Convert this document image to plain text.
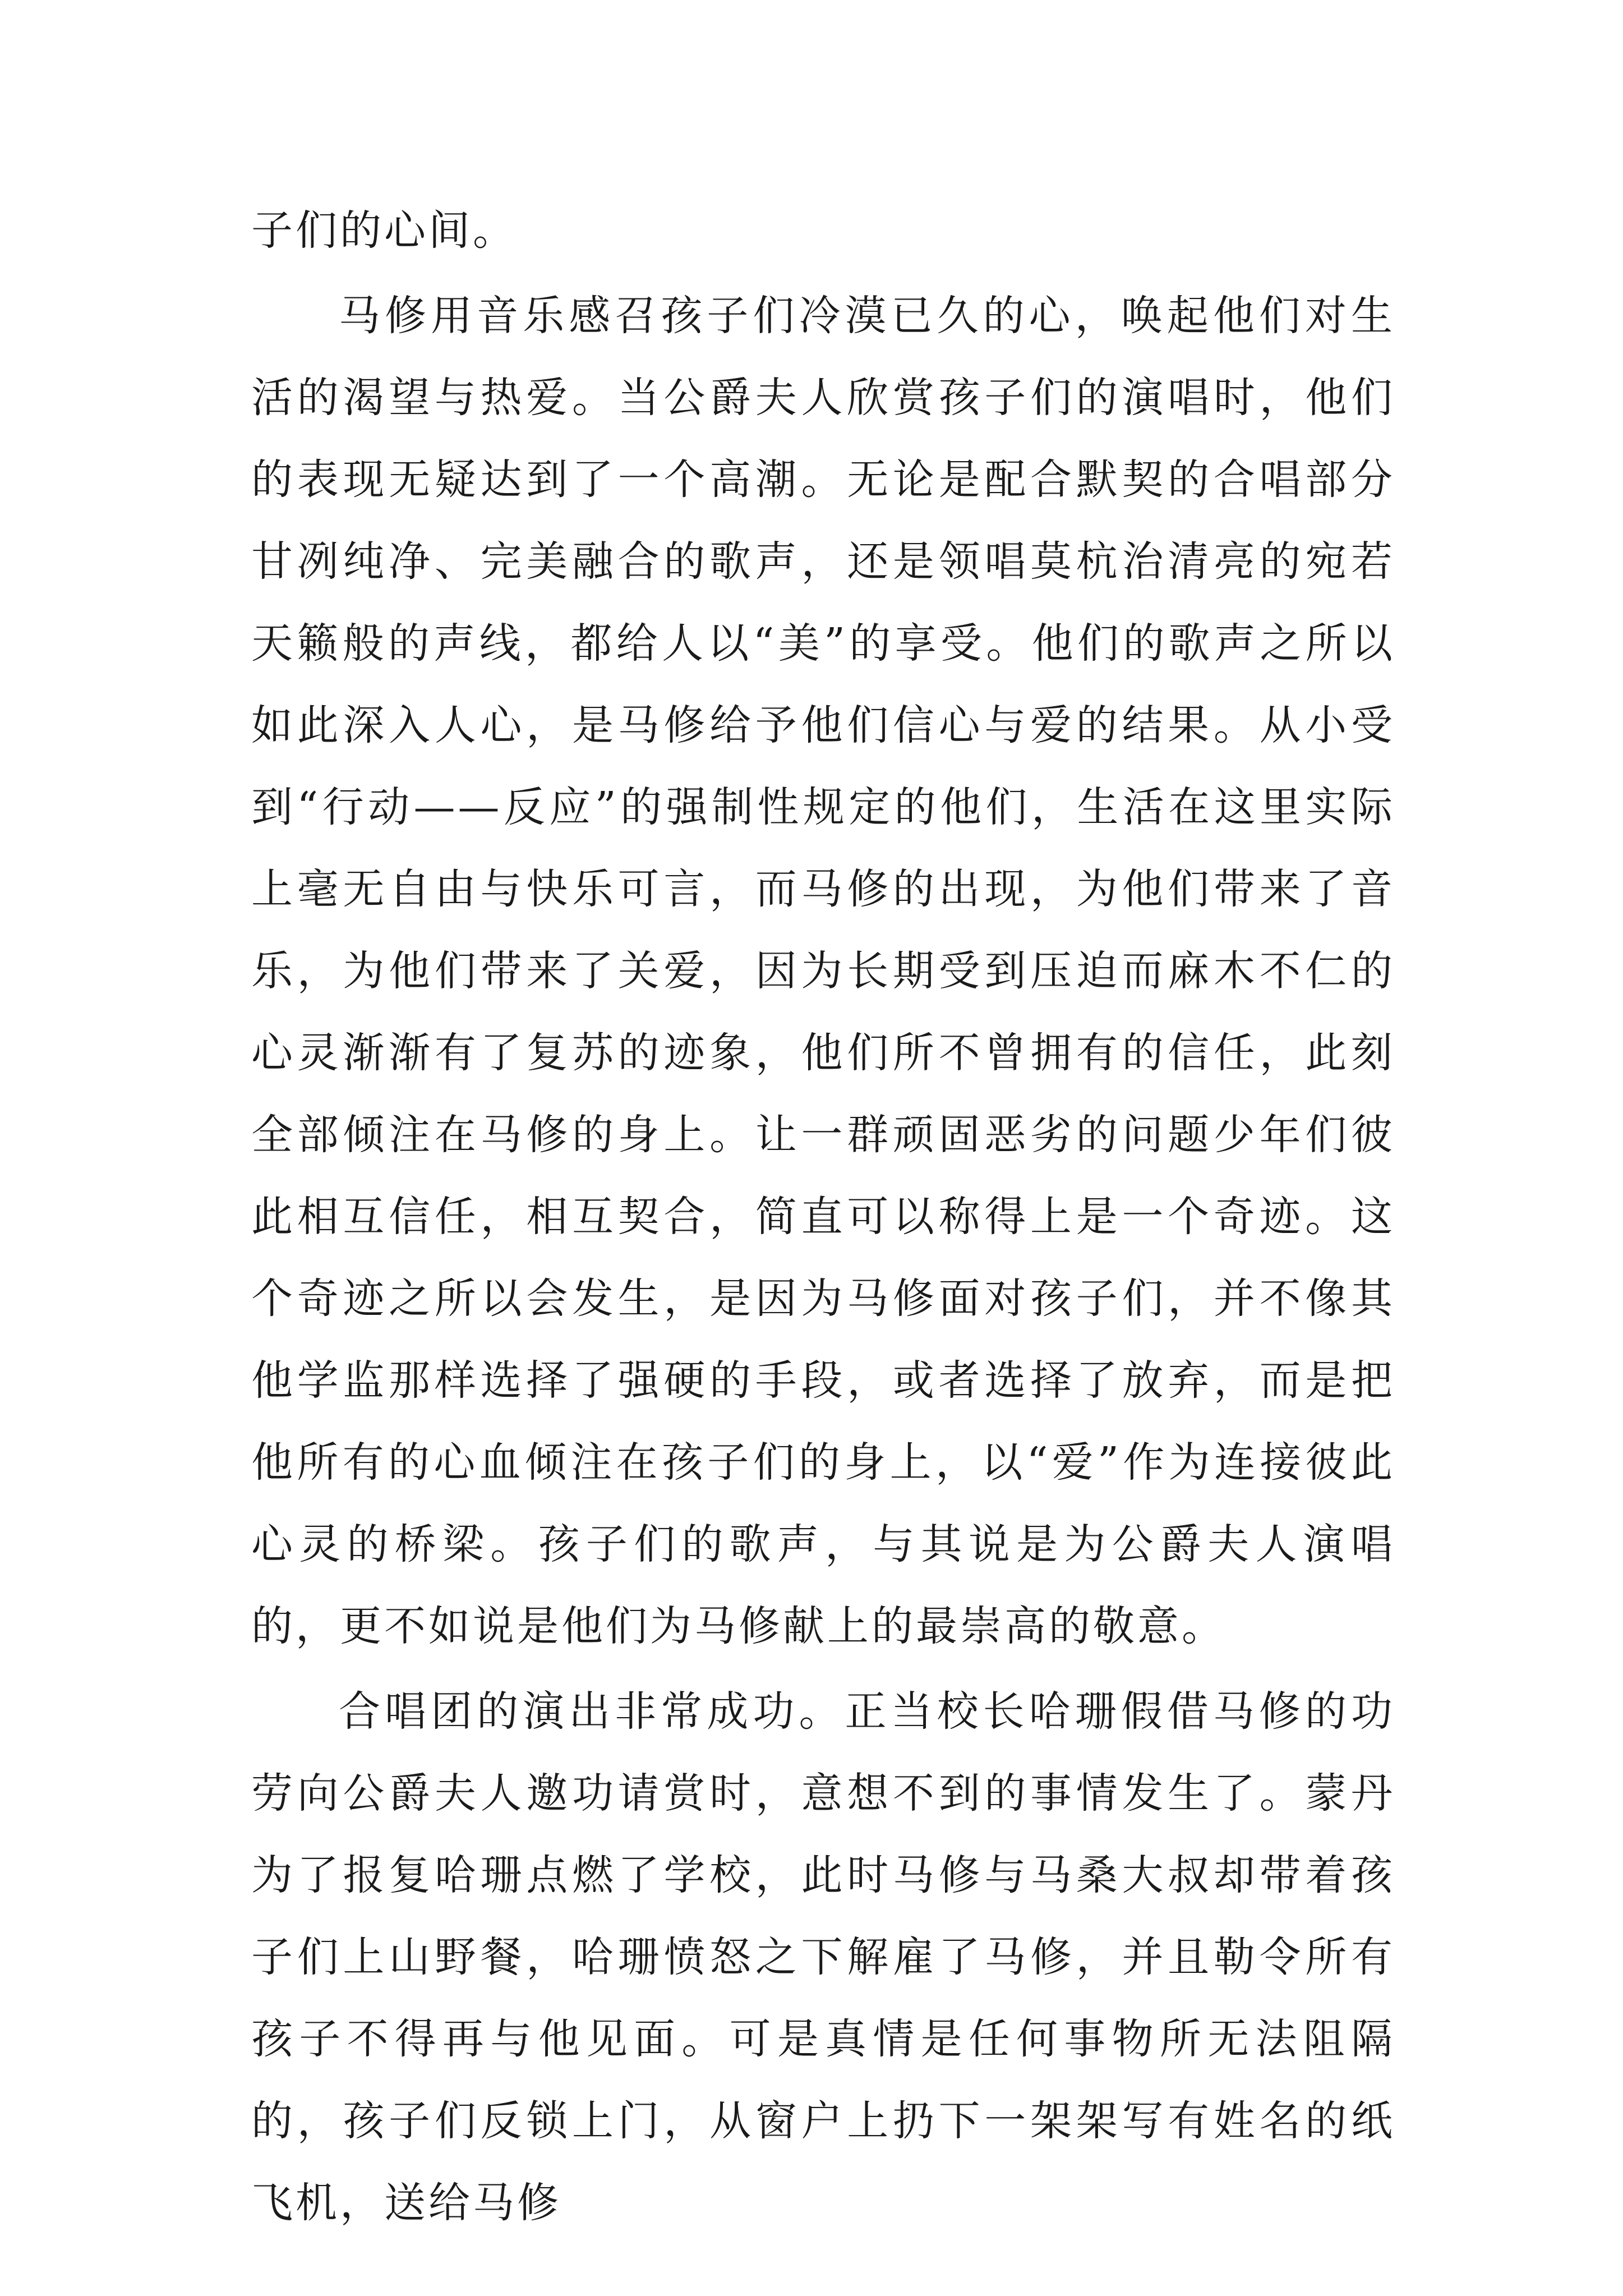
子们的心间。

马修用音乐感召孩子们冷漠已久的心，唤起他们对生活的渴望与热爱。当公爵夫人欣赏孩子们的演唱时，他们的表现无疑达到了一个高潮。无论是配合默契的合唱部分甘冽纯净、完美融合的歌声，还是领唱莫杭治清亮的宛若天籁般的声线，都给人以“美”的享受。他们的歌声之所以如此深入人心，是马修给予他们信心与爱的结果。从小受到“行动——反应”的强制性规定的他们，生活在这里实际上毫无自由与快乐可言，而马修的出现，为他们带来了音乐，为他们带来了关爱，因为长期受到压迫而麻木不仁的心灵渐渐有了复苏的迹象，他们所不曾拥有的信任，此刻全部倾注在马修的身上。让一群顽固恶劣的问题少年们彼此相互信任，相互契合，简直可以称得上是一个奇迹。这个奇迹之所以会发生，是因为马修面对孩子们，并不像其他学监那样选择了强硬的手段，或者选择了放弃，而是把他所有的心血倾注在孩子们的身上，以“爱”作为连接彼此心灵的桥梁。孩子们的歌声，与其说是为公爵夫人演唱的，更不如说是他们为马修献上的最崇高的敬意。

合唱团的演出非常成功。正当校长哈珊假借马修的功劳向公爵夫人邀功请赏时，意想不到的事情发生了。蒙丹为了报复哈珊点燃了学校，此时马修与马桑大叔却带着孩子们上山野餐，哈珊愤怒之下解雇了马修，并且勒令所有孩子不得再与他见面。可是真情是任何事物所无法阻隔的，孩子们反锁上门，从窗户上扔下一架架写有姓名的纸飞机，送给马修
